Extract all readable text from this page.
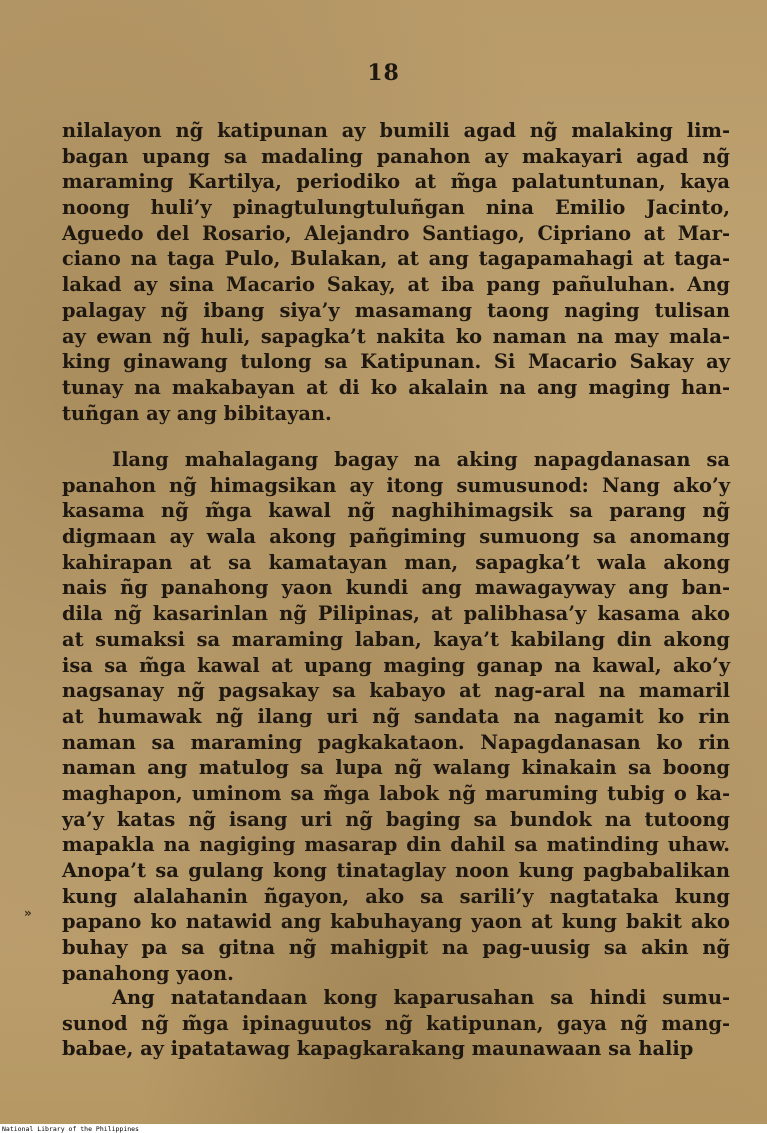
18

nilalayon ng̃ katipunan ay bumili agad ng̃ malaking lim-
bagan upang sa madaling panahon ay makayari agad ng̃
maraming Kartilya, periodiko at m̃ga palatuntunan, kaya
noong huli’y pinagtulungtuluñgan nina Emilio Jacinto,
Aguedo del Rosario, Alejandro Santiago, Cipriano at Mar-
ciano na taga Pulo, Bulakan, at ang tagapamahagi at taga-
lakad ay sina Macario Sakay, at iba pang pañuluhan. Ang
palagay ng̃ ibang siya’y masamang taong naging tulisan
ay ewan ng̃ huli, sapagka’t nakita ko naman na may mala-
king ginawang tulong sa Katipunan. Si Macario Sakay ay
tunay na makabayan at di ko akalain na ang maging han-
tuñgan ay ang bibitayan.

Ilang mahalagang bagay na aking napagdanasan sa
panahon ng̃ himagsikan ay itong sumusunod: Nang ako’y
kasama ng̃ m̃ga kawal ng̃ naghihimagsik sa parang ng̃
digmaan ay wala akong pañgiming sumuong sa anomang
kahirapan at sa kamatayan man, sapagka’t wala akong
nais ñg panahong yaon kundi ang mawagayway ang ban-
dila ng̃ kasarinlan ng̃ Pilipinas, at palibhasa’y kasama ako
at sumaksi sa maraming laban, kaya’t kabilang din akong
isa sa m̃ga kawal at upang maging ganap na kawal, ako’y
nagsanay ng̃ pagsakay sa kabayo at nag-aral na mamaril
at humawak ng̃ ilang uri ng̃ sandata na nagamit ko rin
naman sa maraming pagkakataon. Napagdanasan ko rin
naman ang matulog sa lupa ng̃ walang kinakain sa boong
maghapon, uminom sa m̃ga labok ng̃ maruming tubig o ka-
ya’y katas ng̃ isang uri ng̃ baging sa bundok na tutoong
mapakla na nagiging masarap din dahil sa matinding uhaw.
Anopa’t sa gulang kong tinataglay noon kung pagbabalikan
kung alalahanin ñgayon, ako sa sarili’y nagtataka kung
papano ko natawid ang kabuhayang yaon at kung bakit ako
buhay pa sa gitna ng̃ mahigpit na pag-uusig sa akin ng̃
panahong yaon.

Ang natatandaan kong kaparusahan sa hindi sumu-
sunod ng̃ m̃ga ipinaguutos ng̃ katipunan, gaya ng̃ mang-
babae, ay ipatatawag kapagkarakang maunawaan sa halip

»
National Library of the Philippines
